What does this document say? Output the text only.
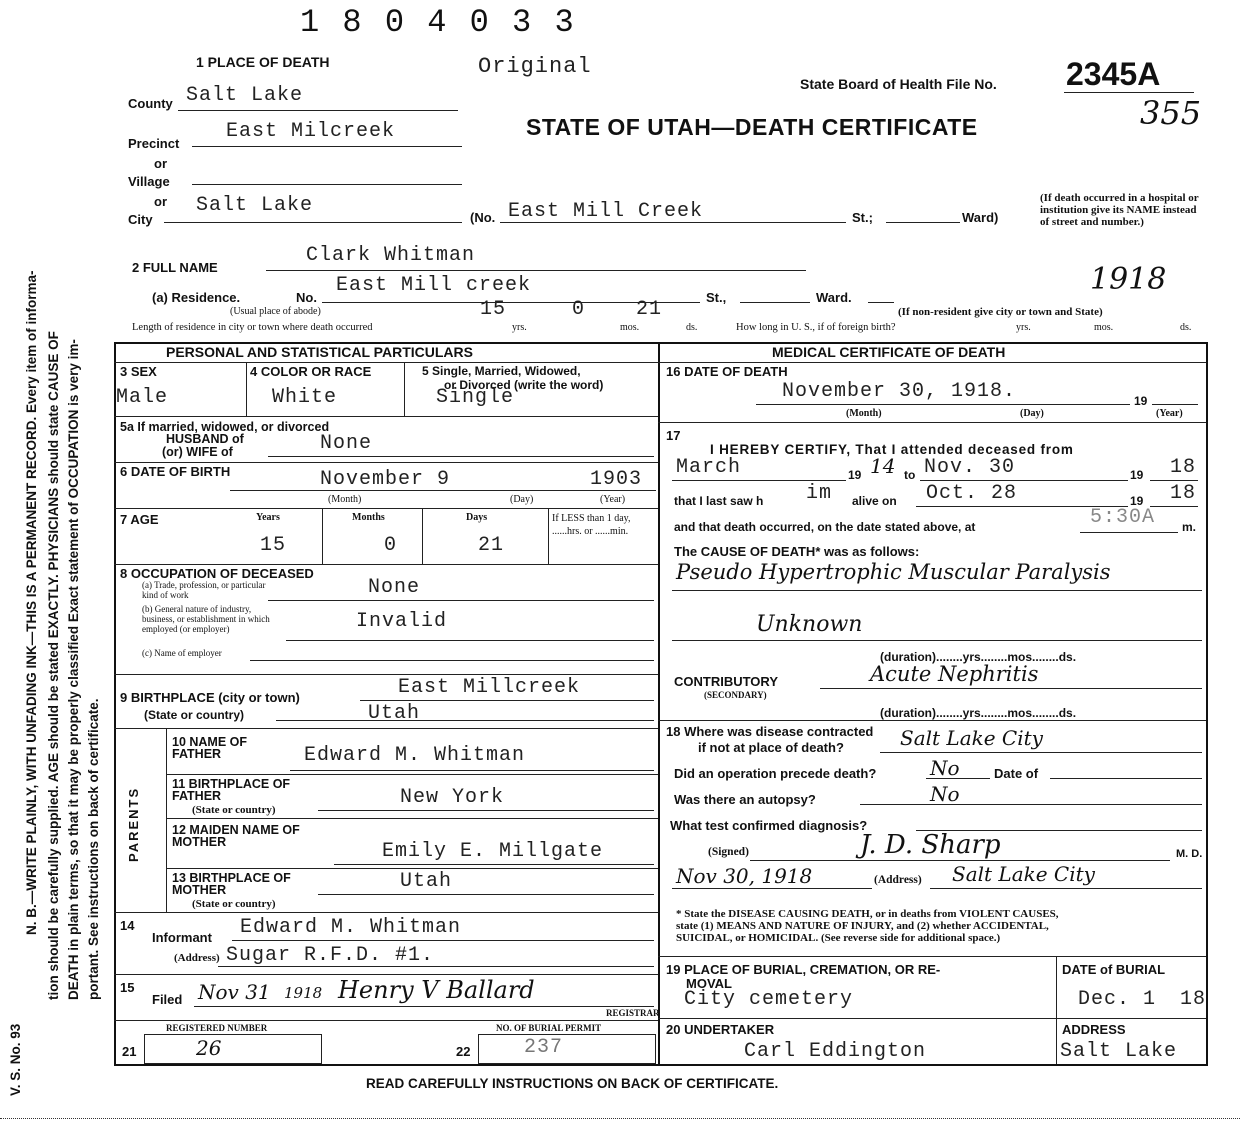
V. S. No. 93
N. B.—WRITE PLAINLY, WITH UNFADING INK—THIS IS A PERMANENT RECORD. Every item of informa- tion should be carefully supplied. AGE should be stated EXACTLY. PHYSICIANS should state CAUSE OF DEATH in plain terms, so that it may be properly classified Exact statement of OCCUPATION is very im- portant. See instructions on back of certificate.
1 8 0 4 0 3 3
Original
State Board of Health File No. 2345A
355
STATE OF UTAH—DEATH CERTIFICATE
1 PLACE OF DEATH
County Salt Lake
Precinct
East Milcreek
or
Village
or
City
Salt Lake
(No. East Mill Creek	St.;	Ward)
(If death occurred in a hospital or institution give its NAME instead of street and number.)
2 FULL NAME
Clark Whitman
(a) Residence.	No.
East Mill creek
(Usual place of abode)
St.,	Ward.
1918
(If non-resident give city or town and State)
Length of residence in city or town where death occurred
15	0	21
yrs.	mos.	ds.	How long in U. S., if of foreign birth?	yrs.	mos.	ds.
PERSONAL AND STATISTICAL PARTICULARS
3 SEX
Male
4 COLOR OR RACE
White
5 Single, Married, Widowed,
or Divorced (write the word)
Single
5a If married, widowed, or divorced
HUSBAND of
(or) WIFE of	None
6 DATE OF BIRTH	November 9	1903
(Month)	(Day)	(Year)
7 AGE	Years	Months	Days
15	0	21
If LESS than 1 day, ......hrs. or ......min.
8 OCCUPATION OF DECEASED
(a) Trade, profession, or particular kind of work	None
(b) General nature of industry, business, or establishment in which employed (or employer)	Invalid
(c) Name of employer
9 BIRTHPLACE (city or town)
(State or country)
East Millcreek
Utah
PARENTS
10 NAME OF FATHER	Edward M. Whitman
11 BIRTHPLACE OF FATHER
(State or country)
New York
12 MAIDEN NAME OF MOTHER	Emily E. Millgate
13 BIRTHPLACE OF MOTHER
(State or country)
Utah
14
Informant Edward M. Whitman
(Address) Sugar R.F.D. #1.
15
Filed Nov 31 1918 Henry V Ballard
REGISTRAR
REGISTERED NUMBER	NO. OF BURIAL PERMIT
21	26	22	237
MEDICAL CERTIFICATE OF DEATH
16 DATE OF DEATH
November 30, 1918.	19
(Month)	(Day)	(Year)
17
I HEREBY CERTIFY, That I attended deceased from
March	19 14 to Nov. 30	19 18
that I last saw h im alive on Oct. 28	19 18
and that death occurred, on the date stated above, at	5:30A m.
The CAUSE OF DEATH* was as follows:
Pseudo Hypertrophic Muscular Paralysis
Unknown
(duration)........yrs........mos........ds.
CONTRIBUTORY
(SECONDARY)
Acute Nephritis
(duration)........yrs........mos........ds.
18 Where was disease contracted
if not at place of death?	Salt Lake City
Did an operation precede death?	No	Date of
Was there an autopsy?	No
What test confirmed diagnosis?
(Signed)	J. D. Sharp	M. D.
Nov 30, 1918	(Address) Salt Lake City
* State the DISEASE CAUSING DEATH, or in deaths from VIOLENT CAUSES,
state (1) MEANS AND NATURE OF INJURY, and (2) whether ACCIDENTAL,
SUICIDAL, or HOMICIDAL. (See reverse side for additional space.)
19 PLACE OF BURIAL, CREMATION, OR RE-
MOVAL
City cemetery
DATE of BURIAL
Dec. 1 18
20 UNDERTAKER
Carl Eddington
ADDRESS
Salt Lake
READ CAREFULLY INSTRUCTIONS ON BACK OF CERTIFICATE.
